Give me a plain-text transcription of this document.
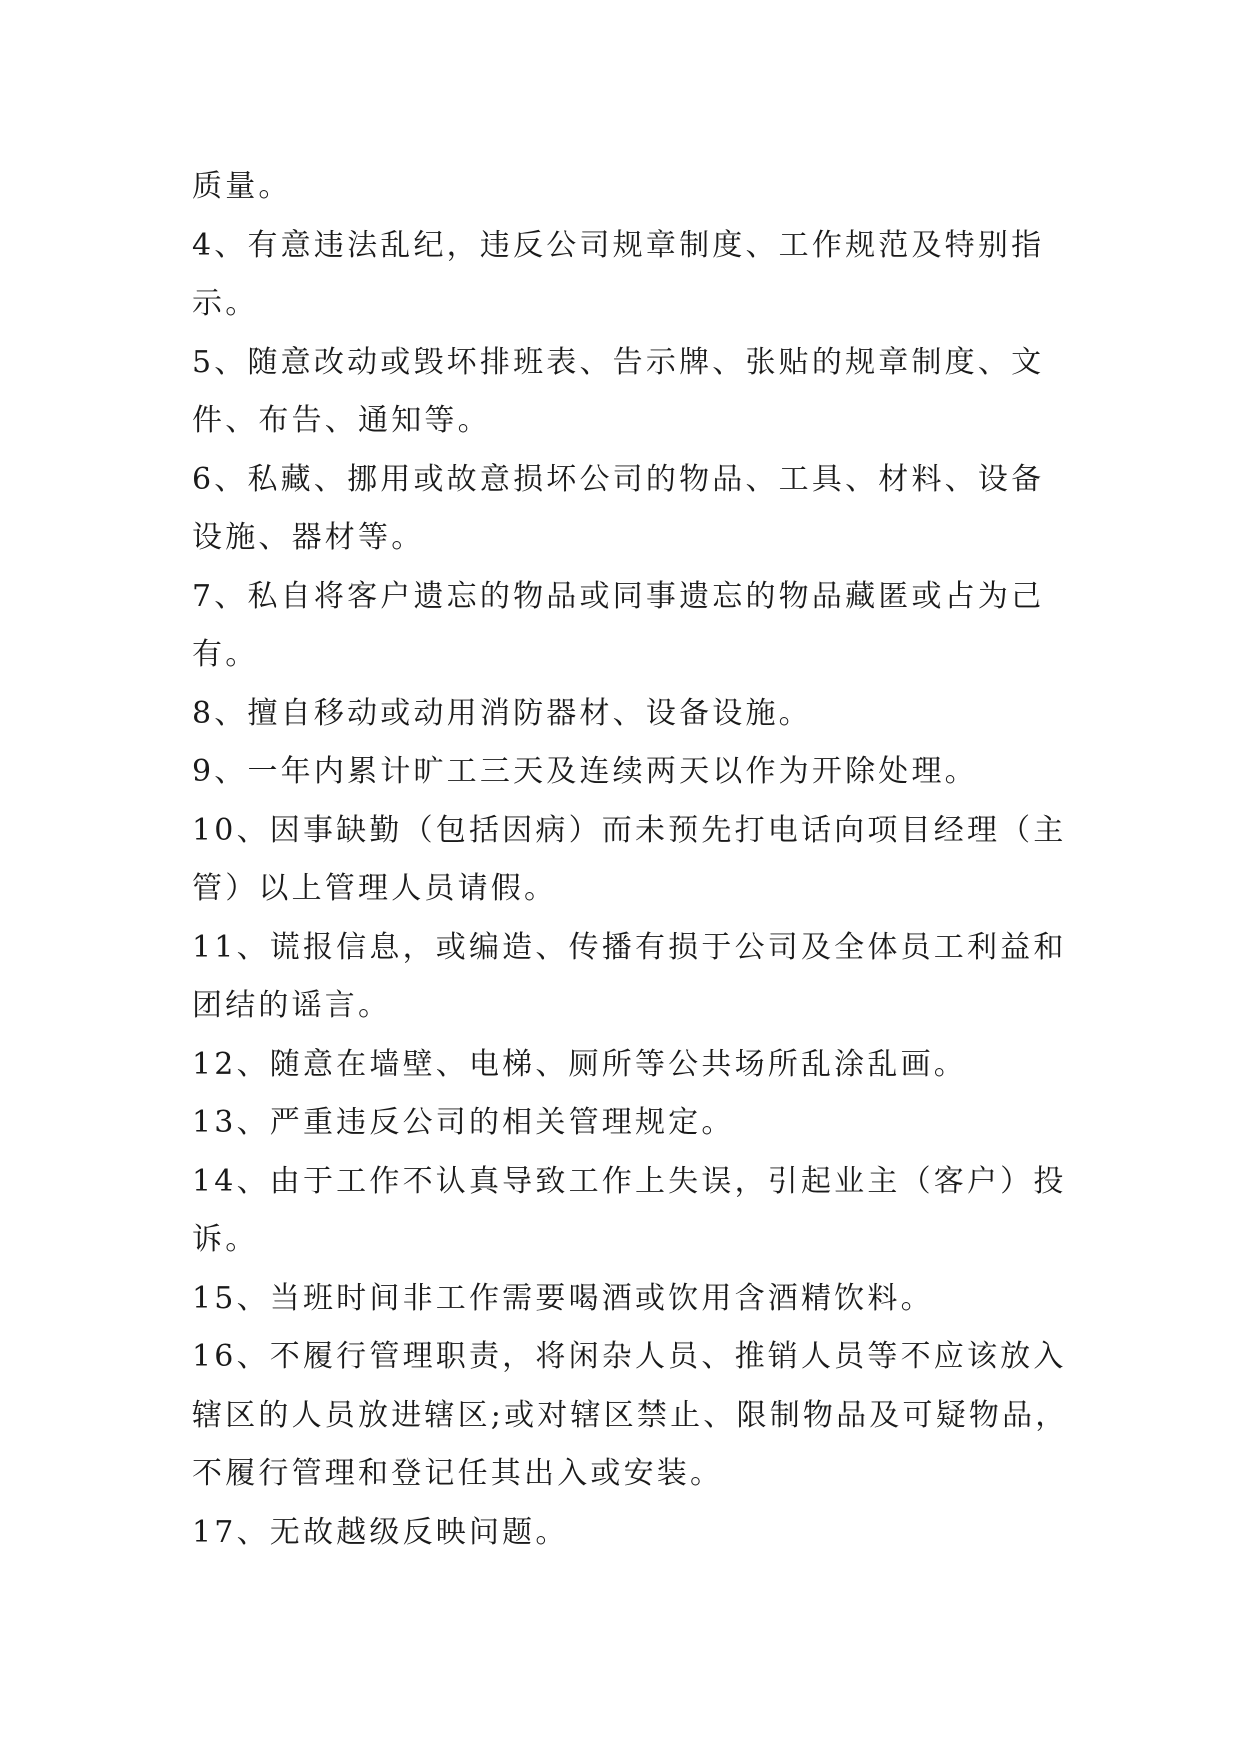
质量。
4、有意违法乱纪，违反公司规章制度、工作规范及特别指
示。
5、随意改动或毁坏排班表、告示牌、张贴的规章制度、文
件、布告、通知等。
6、私藏、挪用或故意损坏公司的物品、工具、材料、设备
设施、器材等。
7、私自将客户遗忘的物品或同事遗忘的物品藏匿或占为己
有。
8、擅自移动或动用消防器材、设备设施。
9、一年内累计旷工三天及连续两天以作为开除处理。
10、因事缺勤（包括因病）而未预先打电话向项目经理（主
管）以上管理人员请假。
11、谎报信息，或编造、传播有损于公司及全体员工利益和
团结的谣言。
12、随意在墙壁、电梯、厕所等公共场所乱涂乱画。
13、严重违反公司的相关管理规定。
14、由于工作不认真导致工作上失误，引起业主（客户）投
诉。
15、当班时间非工作需要喝酒或饮用含酒精饮料。
16、不履行管理职责，将闲杂人员、推销人员等不应该放入
辖区的人员放进辖区;或对辖区禁止、限制物品及可疑物品，
不履行管理和登记任其出入或安装。
17、无故越级反映问题。
